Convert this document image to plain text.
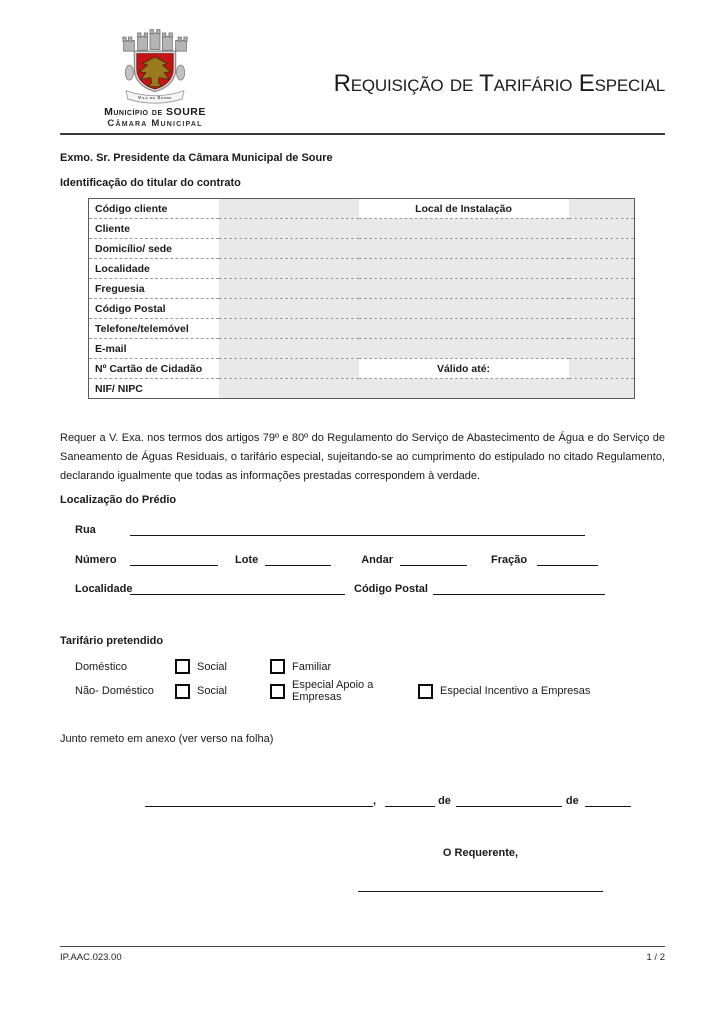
Vila de Soure
Município de SOURE
Câmara Municipal
Requisição de Tarifário Especial

Exmo. Sr. Presidente da Câmara Municipal de Soure

Identificação do titular do contrato

Código cliente		Local de Instalação	
Cliente			
Domicílio/ sede			
Localidade			
Freguesia			
Código Postal			
Telefone/telemóvel			
E-mail			
Nº Cartão de Cidadão		Válido até:	
NIF/ NIPC			

Requer a V. Exa. nos termos dos artigos 79º e 80º do Regulamento do Serviço de Abastecimento de Água e do Serviço de Saneamento de Águas Residuais, o tarifário especial, sujeitando-se ao cumprimento do estipulado no citado Regulamento, declarando igualmente que todas as informações prestadas correspondem à verdade.

Localização do Prédio

Rua
Número	Lote	Andar	Fração
Localidade	Código Postal

Tarifário pretendido

Doméstico	Social	Familiar
Não- Doméstico	Social	Especial Apoio a Empresas	Especial Incentivo a Empresas

Junto remeto em anexo (ver verso na folha)

,	de	de
O Requerente,
IP.AAC.023.00	1 / 2
